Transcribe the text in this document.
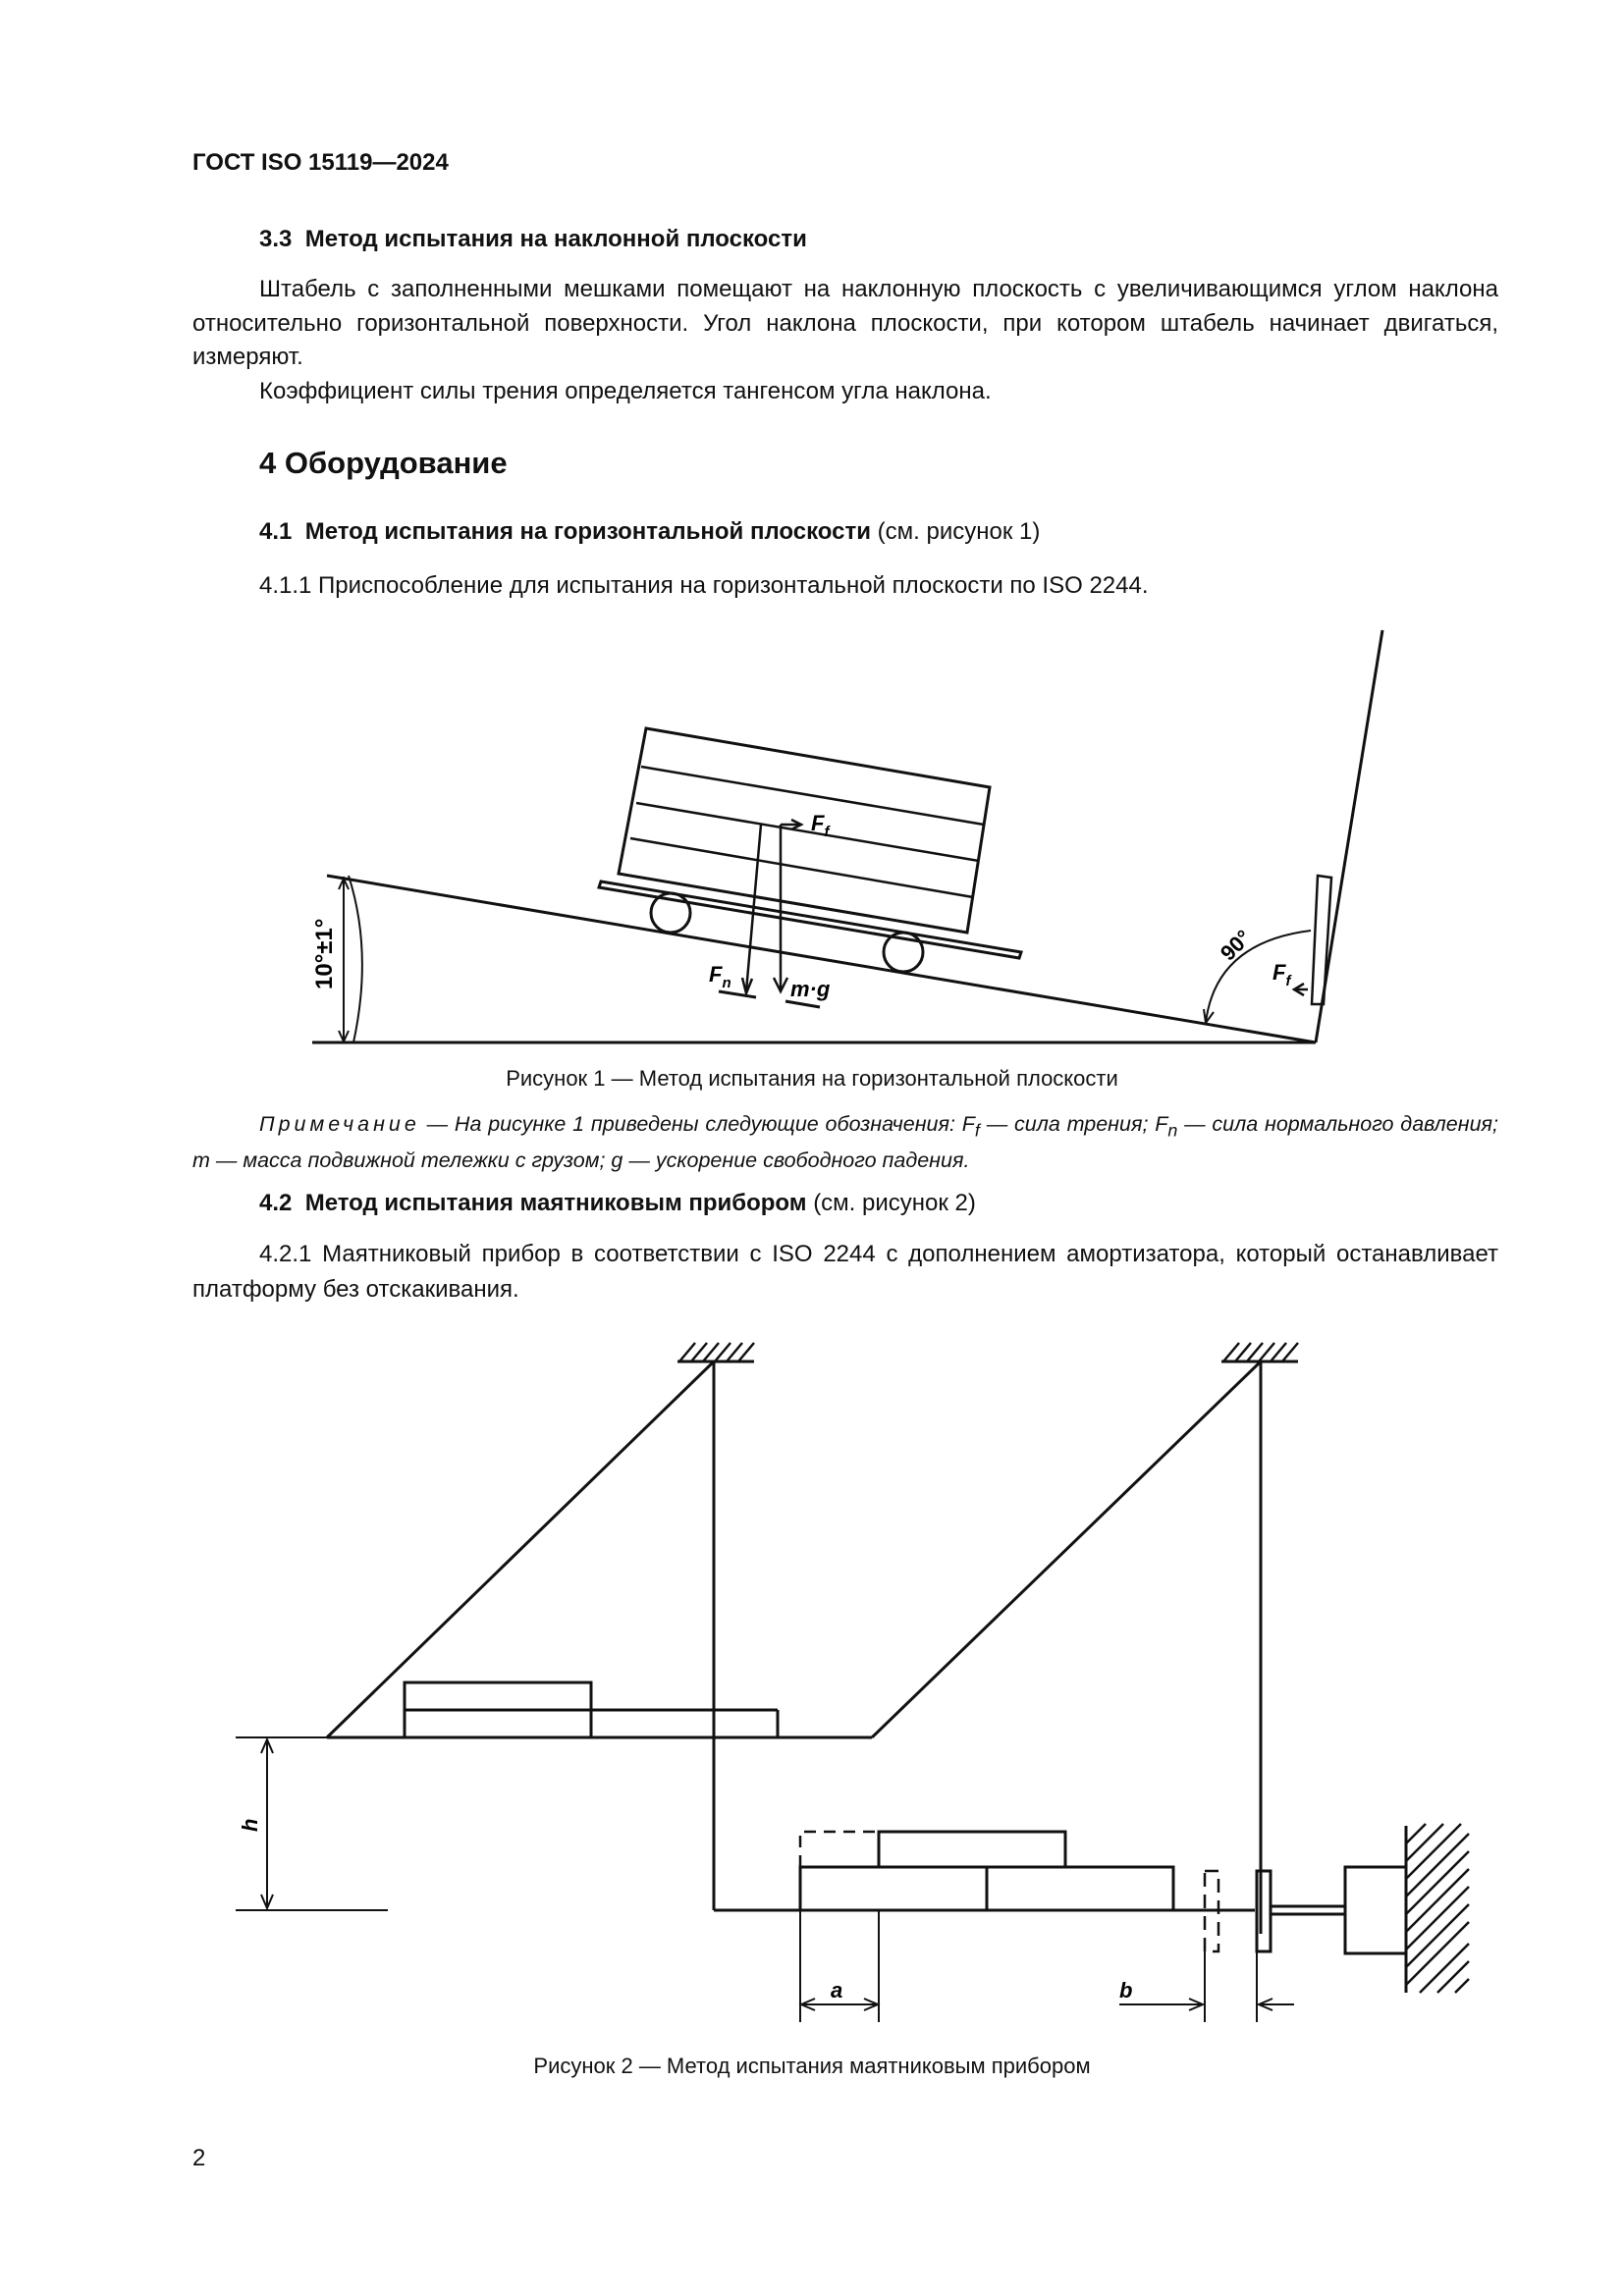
ГОСТ ISO 15119—2024

3.3 Метод испытания на наклонной плоскости

Штабель с заполненными мешками помещают на наклонную плоскость с увеличивающимся углом наклона относительно горизонтальной поверхности. Угол наклона плоскости, при котором штабель начинает двигаться, измеряют.

Коэффициент силы трения определяется тангенсом угла наклона.

4 Оборудование

4.1 Метод испытания на горизонтальной плоскости (см. рисунок 1)

4.1.1 Приспособление для испытания на горизонтальной плоскости по ISO 2244.

10°±1°	90°
$F_f$
$F_n$	m·g
$F_f$
Рисунок 1 — Метод испытания на горизонтальной плоскости

Примечание — На рисунке 1 приведены следующие обозначения: $F_f$ — сила трения; $F_n$ — сила нормального давления; m — масса подвижной тележки с грузом; g — ускорение свободного падения.

4.2 Метод испытания маятниковым прибором (см. рисунок 2)

4.2.1 Маятниковый прибор в соответствии с ISO 2244 с дополнением амортизатора, который останавливает платформу без отскакивания.

h
a	b
Рисунок 2 — Метод испытания маятниковым прибором
2
